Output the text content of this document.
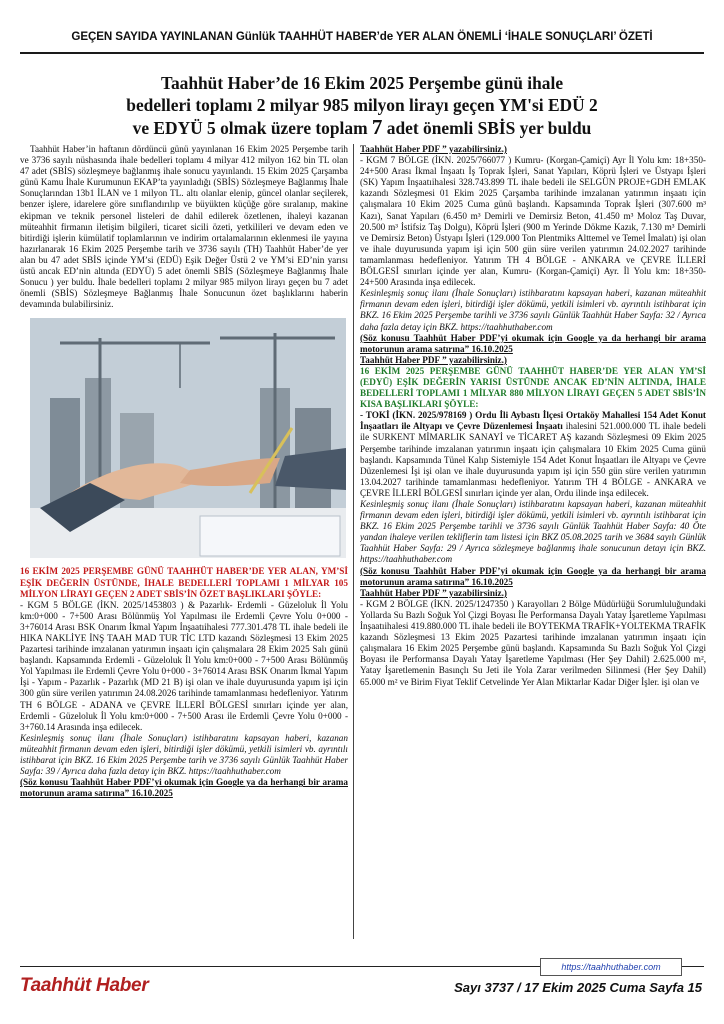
GEÇEN SAYIDA YAYINLANAN Günlük TAAHHÜT HABER’de YER ALAN ÖNEMLİ ‘İHALE SONUÇLARI’ ÖZETİ
Taahhüt Haber’de 16 Ekim 2025 Perşembe günü ihale
bedelleri toplamı 2 milyar 985 milyon lirayı geçen YM'si EDÜ 2
ve EDYÜ 5 olmak üzere toplam 7 adet önemli SBİS yer buldu

Taahhüt Haber’in haftanın dördüncü günü yayınlanan 16 Ekim 2025 Perşembe tarih ve 3736 sayılı nüshasında ihale bedelleri toplamı 4 milyar 412 milyon 162 bin TL olan 47 adet (SBİS) sözleşmeye bağlanmış ihale sonucu yayınlandı. 15 Ekim 2025 Çarşamba günü Kamu İhale Kurumunun EKAP’ta yayınladığı (SBİS) Sözleşmeye Bağlanmış İhale Sonuçlarından 13b1 İLAN ve 1 milyon TL. altı olanlar elenip, güncel olanlar seçilerek, benzer işlere, idarelere göre sınıflandırılıp ve büyükten küçüğe göre sıralanıp, makine ekipman ve teknik personel listeleri de dahil edilerek özetlenen, ihaleyi kazanan müteahhit firmanın iletişim bilgileri, ticaret sicili özeti, yetkilileri ve devam eden ve bitirdiği işlerin kümülatif toplamlarının ve indirim ortalamalarının eklenmesi ile yayına hazırlanarak 16 Ekim 2025 Perşembe tarih ve 3736 sayılı (TH) Taahhüt Haber’de yer alan bu 47 adet SBİS içinde YM’si (EDÜ) Eşik Değer Üstü 2 ve YM’si ED’nin yarısı üstü ancak ED’nin altında (EDYÜ) 5 adet önemli SBİS (Sözleşmeye Bağlanmış İhale Sonucu ) yer buldu. İhale bedelleri toplamı 2 milyar 985 milyon lirayı geçen bu 7 adet önemli (SBİS) Sözleşmeye Bağlanmış İhale Sonucunun özet başlıklarını haberin devamında bulabilirsiniz.

16 EKİM 2025 PERŞEMBE GÜNÜ TAAHHÜT HABER’DE YER ALAN, YM’Sİ EŞİK DEĞERİN ÜSTÜNDE, İHALE BEDELLERİ TOPLAMI 1 MİLYAR 105 MİLYON LİRAYI GEÇEN 2 ADET SBİS’İN ÖZET BAŞLIKLARI ŞÖYLE:

- KGM 5 BÖLGE (İKN. 2025/1453803 ) & Pazarlık- Erdemli - Güzeloluk İl Yolu km:0+000 - 7+500 Arası Bölünmüş Yol Yapılması ile Erdemli Çevre Yolu 0+000 - 3+76014 Arası BSK Onarım İkmal Yapım İnşaatıihalesi 777.301.478 TL ihale bedeli ile HIKA NAKLİYE İNŞ TAAH MAD TUR TİC LTD kazandı Sözleşmesi 13 Ekim 2025 Pazartesi tarihinde imzalanan yatırımın inşaatı için çalışmalara 28 Ekim 2025 Salı günü başlandı. Kapsamında Erdemli - Güzeloluk İl Yolu km:0+000 - 7+500 Arası Bölünmüş Yol Yapılması ile Erdemli Çevre Yolu 0+000 - 3+76014 Arası BSK Onarım İkmal Yapım İşi - Yapım - Pazarlık - Pazarlık (MD 21 B) işi olan ve ihale duyurusunda yapım işi için 300 gün süre verilen yatırımın 24.08.2026 tarihinde tamamlanması hedefleniyor. Yatırım TH 6 BÖLGE - ADANA ve ÇEVRE İLLERİ BÖLGESİ sınırları içinde yer alan, Erdemli - Güzeloluk İl Yolu km:0+000 - 7+500 Arası ile Erdemli Çevre Yolu 0+000 - 3+760.14 Arasında inşa edilecek.

Kesinleşmiş sonuç ilanı (İhale Sonuçları) istihbaratını kapsayan haberi, kazanan müteahhit firmanın devam eden işleri, bitirdiği işler dökümü, yetkili isimleri vb. ayrıntılı istihbarat için BKZ. 16 Ekim 2025 Perşembe tarih ve 3736 sayılı Günlük Taahhüt Haber Sayfa: 39 / Ayrıca daha fazla detay için BKZ. https://taahhuthaber.com

(Söz konusu Taahhüt Haber PDF’yi okumak için Google ya da herhangi bir arama motorunun arama satırına” 16.10.2025

Taahhüt Haber PDF ” yazabilirsiniz.)

- KGM 7 BÖLGE (İKN. 2025/766077 ) Kumru- (Korgan-Çamiçi) Ayr İl Yolu km: 18+350-24+500 Arası İkmal İnşaatı İş Toprak İşleri, Sanat Yapıları, Köprü İşleri ve Üstyapı İşleri (SK) Yapım İnşaatıihalesi 328.743.899 TL ihale bedeli ile SELGÜN PROJE+GDH EMLAK kazandı Sözleşmesi 01 Ekim 2025 Çarşamba tarihinde imzalanan yatırımın inşaatı için çalışmalara 10 Ekim 2025 Cuma günü başlandı. Kapsamında Toprak İşleri (307.600 m³ Kazı), Sanat Yapıları (6.450 m³ Demirli ve Demirsiz Beton, 41.450 m³ Moloz Taş Duvar, 20.500 m³ İstifsiz Taş Dolgu), Köprü İşleri (900 m Yerinde Dökme Kazık, 7.130 m³ Demirli ve Demirsiz Beton) Üstyapı İşleri (129.000 Ton Plentmiks Alttemel ve Temel İmalatı) işi olan ve ihale duyurusunda yapım işi için 500 gün süre verilen yatırımın 24.02.2027 tarihinde tamamlanması hedefleniyor. Yatırım TH 4 BÖLGE - ANKARA ve ÇEVRE İLLERİ BÖLGESİ sınırları içinde yer alan, Kumru- (Korgan-Çamiçi) Ayr. İl Yolu km: 18+350-24+500 Arasında inşa edilecek.

Kesinleşmiş sonuç ilanı (İhale Sonuçları) istihbaratını kapsayan haberi, kazanan müteahhit firmanın devam eden işleri, bitirdiği işler dökümü, yetkili isimleri vb. ayrıntılı istihbarat için BKZ. 16 Ekim 2025 Perşembe tarihli ve 3736 sayılı Günlük Taahhüt Haber Sayfa: 32 / Ayrıca daha fazla detay için BKZ. https://taahhuthaber.com

(Söz konusu Taahhüt Haber PDF’yi okumak için Google ya da herhangi bir arama motorunun arama satırına” 16.10.2025
Taahhüt Haber PDF ” yazabilirsiniz.)

16 EKİM 2025 PERŞEMBE GÜNÜ TAAHHÜT HABER’DE YER ALAN YM’Sİ (EDYÜ) EŞİK DEĞERİN YARISI ÜSTÜNDE ANCAK ED’NİN ALTINDA, İHALE BEDELLERİ TOPLAMI 1 MİLYAR 880 MİLYON LİRAYI GEÇEN 5 ADET SBİS’İN KISA BAŞLIKLARI ŞÖYLE:

- TOKİ (İKN. 2025/978169 ) Ordu İli Aybastı İlçesi Ortaköy Mahallesi 154 Adet Konut İnşaatları ile Altyapı ve Çevre Düzenlemesi İnşaatı ihalesini 521.000.000 TL ihale bedeli ile SURKENT MİMARLIK SANAYİ ve TİCARET AŞ kazandı Sözleşmesi 09 Ekim 2025 Perşembe tarihinde imzalanan yatırımın inşaatı için çalışmalara 10 Ekim 2025 Cuma günü başlandı. Kapsamında Tünel Kalıp Sistemiyle 154 Adet Konut İnşaatları ile Altyapı ve Çevre Düzenlemesi İşi işi olan ve ihale duyurusunda yapım işi için 550 gün süre verilen yatırımın 13.04.2027 tarihinde tamamlanması hedefleniyor. Yatırım TH 4 BÖLGE - ANKARA ve ÇEVRE İLLERİ BÖLGESİ sınırları içinde yer alan, Ordu ilinde inşa edilecek.

Kesinleşmiş sonuç ilanı (İhale Sonuçları) istihbaratını kapsayan haberi, kazanan müteahhit firmanın devam eden işleri, bitirdiği işler dökümü, yetkili isimleri vb. ayrıntılı istihbarat için BKZ. 16 Ekim 2025 Perşembe tarihli ve 3736 sayılı Günlük Taahhüt Haber Sayfa: 40 Öte yandan ihaleye verilen tekliflerin tam listesi için BKZ 05.08.2025 tarih ve 3684 sayılı Günlük Taahhüt Haber Sayfa: 29 / Ayrıca sözleşmeye bağlanmış ihale sonucunun detayı için BKZ. https://taahhuthaber.com

(Söz konusu Taahhüt Haber PDF’yi okumak için Google ya da herhangi bir arama motorunun arama satırına” 16.10.2025
Taahhüt Haber PDF ” yazabilirsiniz.)

- KGM 2 BÖLGE (İKN. 2025/1247350 ) Karayolları 2 Bölge Müdürlüğü Sorumluluğundaki Yollarda Su Bazlı Soğuk Yol Çizgi Boyası İle Performansa Dayalı Yatay İşaretleme Yapılması İnşaatıihalesi 419.880.000 TL ihale bedeli ile BOYTEKMA TRAFİK+YOLTEKMA TRAFİK kazandı Sözleşmesi 13 Ekim 2025 Pazartesi tarihinde imzalanan yatırımın inşaatı için çalışmalara 16 Ekim 2025 Perşembe günü başlandı. Kapsamında Su Bazlı Soğuk Yol Çizgi Boyası ile Performansa Dayalı Yatay İşaretleme Yapılması (Her Şey Dahil) 2.625.000 m², Yatay İşaretlemenin Basınçlı Su Jeti ile Yola Zarar verilmeden Silinmesi (Her Şey Dahil) 65.000 m² ve Birim Fiyat Teklif Cetvelinde Yer Alan Miktarlar Kadar Diğer İşler. işi olan ve

https://taahhuthaber.com
Taahhüt Haber	Sayı 3737 / 17 Ekim 2025 Cuma Sayfa 15
